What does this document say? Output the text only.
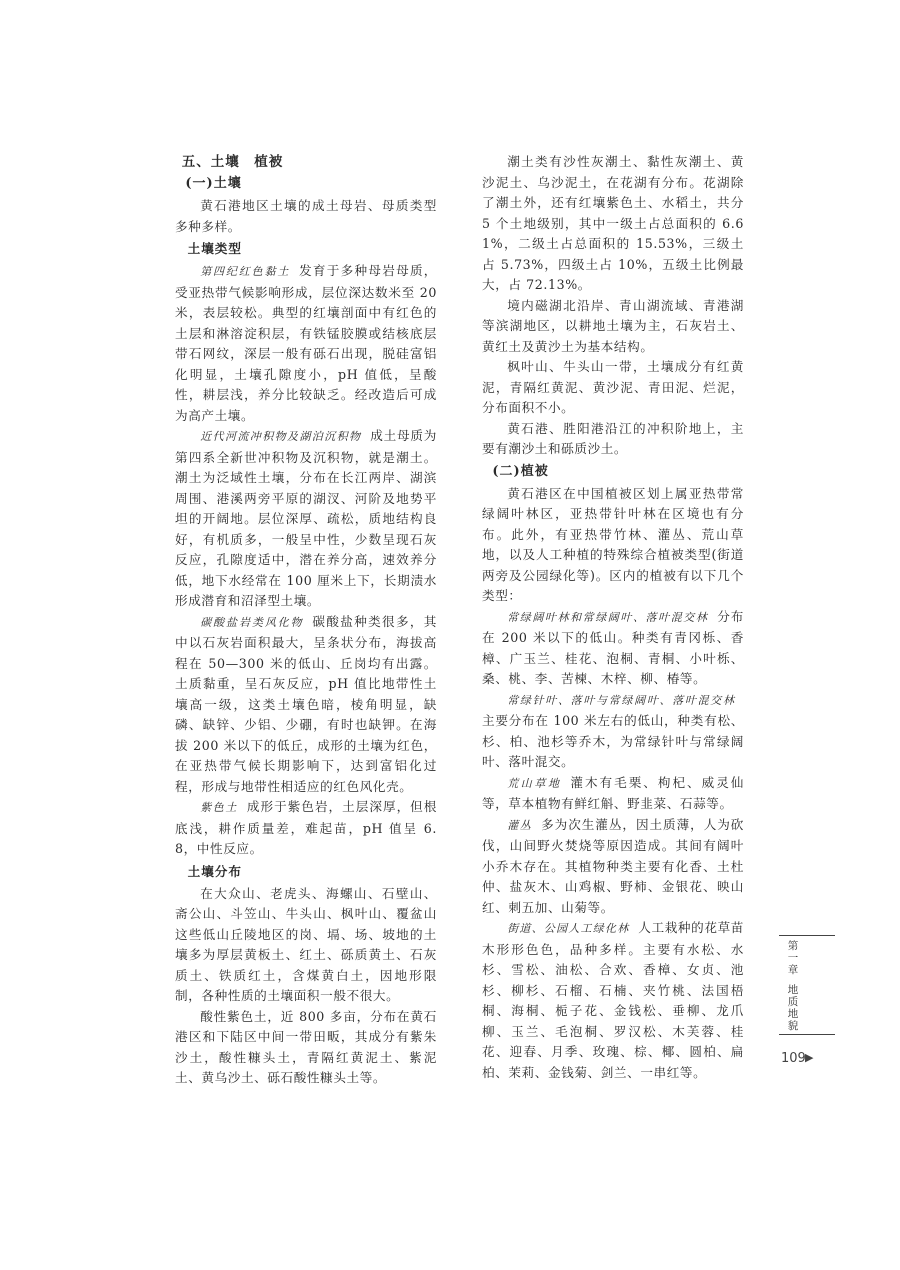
五、土壤　植被
(一)土壤

黄石港地区土壤的成土母岩、母质类型多种多样。

土壤类型

第四纪红色黏土 发育于多种母岩母质，受亚热带气候影响形成，层位深达数米至 20 米，表层较松。典型的红壤剖面中有红色的土层和淋溶淀积层，有铁锰胶膜或结核底层带石网纹，深层一般有砾石出现，脱硅富铝化明显，土壤孔隙度小，pH 值低，呈酸性，耕层浅，养分比较缺乏。经改造后可成为高产土壤。

近代河流冲积物及湖泊沉积物 成土母质为第四系全新世冲积物及沉积物，就是潮土。潮土为泛域性土壤，分布在长江两岸、湖滨周围、港溪两旁平原的湖汊、河阶及地势平坦的开阔地。层位深厚、疏松，质地结构良好，有机质多，一般呈中性，少数呈现石灰反应，孔隙度适中，潜在养分高，速效养分低，地下水经常在 100 厘米上下，长期渍水形成潜育和沼泽型土壤。

碳酸盐岩类风化物 碳酸盐种类很多，其中以石灰岩面积最大，呈条状分布，海拔高程在 50—300 米的低山、丘岗均有出露。土质黏重，呈石灰反应，pH 值比地带性土壤高一级，这类土壤色暗，棱角明显，缺磷、缺锌、少铝、少硼，有时也缺钾。在海拔 200 米以下的低丘，成形的土壤为红色，在亚热带气候长期影响下，达到富铝化过程，形成与地带性相适应的红色风化壳。

紫色土 成形于紫色岩，土层深厚，但根底浅，耕作质量差，难起苗，pH 值呈 6.8，中性反应。

土壤分布

在大众山、老虎头、海螺山、石壁山、斋公山、斗笠山、牛头山、枫叶山、覆盆山这些低山丘陵地区的岗、塥、场、坡地的土壤多为厚层黄板土、红土、砾质黄土、石灰质土、铁质红土，含煤黄白土，因地形限制，各种性质的土壤面积一般不很大。

酸性紫色土，近 800 多亩，分布在黄石港区和下陆区中间一带田畈，其成分有紫朱沙土，酸性糠头土，青隔红黄泥土、紫泥土、黄乌沙土、砾石酸性糠头土等。

潮土类有沙性灰潮土、黏性灰潮土、黄沙泥土、乌沙泥土，在花湖有分布。花湖除了潮土外，还有红壤紫色土、水稻土，共分 5 个土地级别，其中一级土占总面积的 6.61%，二级土占总面积的 15.53%，三级土占 5.73%，四级土占 10%，五级土比例最大，占 72.13%。

境内磁湖北沿岸、青山湖流域、青港湖等滨湖地区，以耕地土壤为主，石灰岩土、黄红土及黄沙土为基本结构。

枫叶山、牛头山一带，土壤成分有红黄泥，青隔红黄泥、黄沙泥、青田泥、烂泥，分布面积不小。

黄石港、胜阳港沿江的冲积阶地上，主要有潮沙土和砾质沙土。

(二)植被

黄石港区在中国植被区划上属亚热带常绿阔叶林区，亚热带针叶林在区境也有分布。此外，有亚热带竹林、灌丛、荒山草地，以及人工种植的特殊综合植被类型(街道两旁及公园绿化等)。区内的植被有以下几个类型：

常绿阔叶林和常绿阔叶、落叶混交林 分布在 200 米以下的低山。种类有青冈栎、香樟、广玉兰、桂花、泡桐、青桐、小叶栎、桑、桃、李、苦楝、木梓、柳、椿等。

常绿针叶、落叶与常绿阔叶、落叶混交林主要分布在 100 米左右的低山，种类有松、杉、柏、池杉等乔木，为常绿针叶与常绿阔叶、落叶混交。

荒山草地 灌木有毛栗、枸杞、威灵仙等，草本植物有鲜红斛、野韭菜、石蒜等。

灌丛 多为次生灌丛，因土质薄，人为砍伐，山间野火焚烧等原因造成。其间有阔叶小乔木存在。其植物种类主要有化香、土杜仲、盐灰木、山鸡椒、野柿、金银花、映山红、刺五加、山菊等。

街道、公园人工绿化林 人工栽种的花草苗木形形色色，品种多样。主要有水松、水杉、雪松、油松、合欢、香樟、女贞、池杉、柳杉、石榴、石楠、夹竹桃、法国梧桐、海桐、栀子花、金钱松、垂柳、龙爪柳、玉兰、毛泡桐、罗汉松、木芙蓉、桂花、迎春、月季、玫瑰、棕、椰、圆柏、扁柏、茉莉、金钱菊、剑兰、一串红等。

第
一
章
地
质
地
貌
109 ▶
